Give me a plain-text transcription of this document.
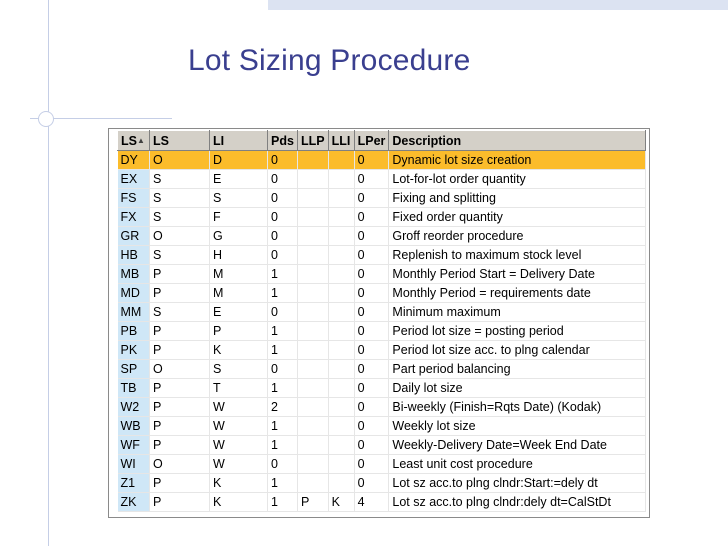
Lot Sizing Procedure
LS▲	LS	LI	Pds	LLP	LLI	LPer	Description
DY	O	D	0			0	Dynamic lot size creation
EX	S	E	0			0	Lot-for-lot order quantity
FS	S	S	0			0	Fixing and splitting
FX	S	F	0			0	Fixed order quantity
GR	O	G	0			0	Groff reorder procedure
HB	S	H	0			0	Replenish to maximum stock level
MB	P	M	1			0	Monthly Period Start = Delivery Date
MD	P	M	1			0	Monthly Period = requirements date
MM	S	E	0			0	Minimum maximum
PB	P	P	1			0	Period lot size = posting period
PK	P	K	1			0	Period lot size acc. to plng calendar
SP	O	S	0			0	Part period balancing
TB	P	T	1			0	Daily lot size
W2	P	W	2			0	Bi-weekly (Finish=Rqts Date) (Kodak)
WB	P	W	1			0	Weekly lot size
WF	P	W	1			0	Weekly-Delivery Date=Week End Date
WI	O	W	0			0	Least unit cost procedure
Z1	P	K	1			0	Lot sz acc.to plng clndr:Start:=dely dt
ZK	P	K	1	P	K	4	Lot sz acc.to plng clndr:dely dt=CalStDt
